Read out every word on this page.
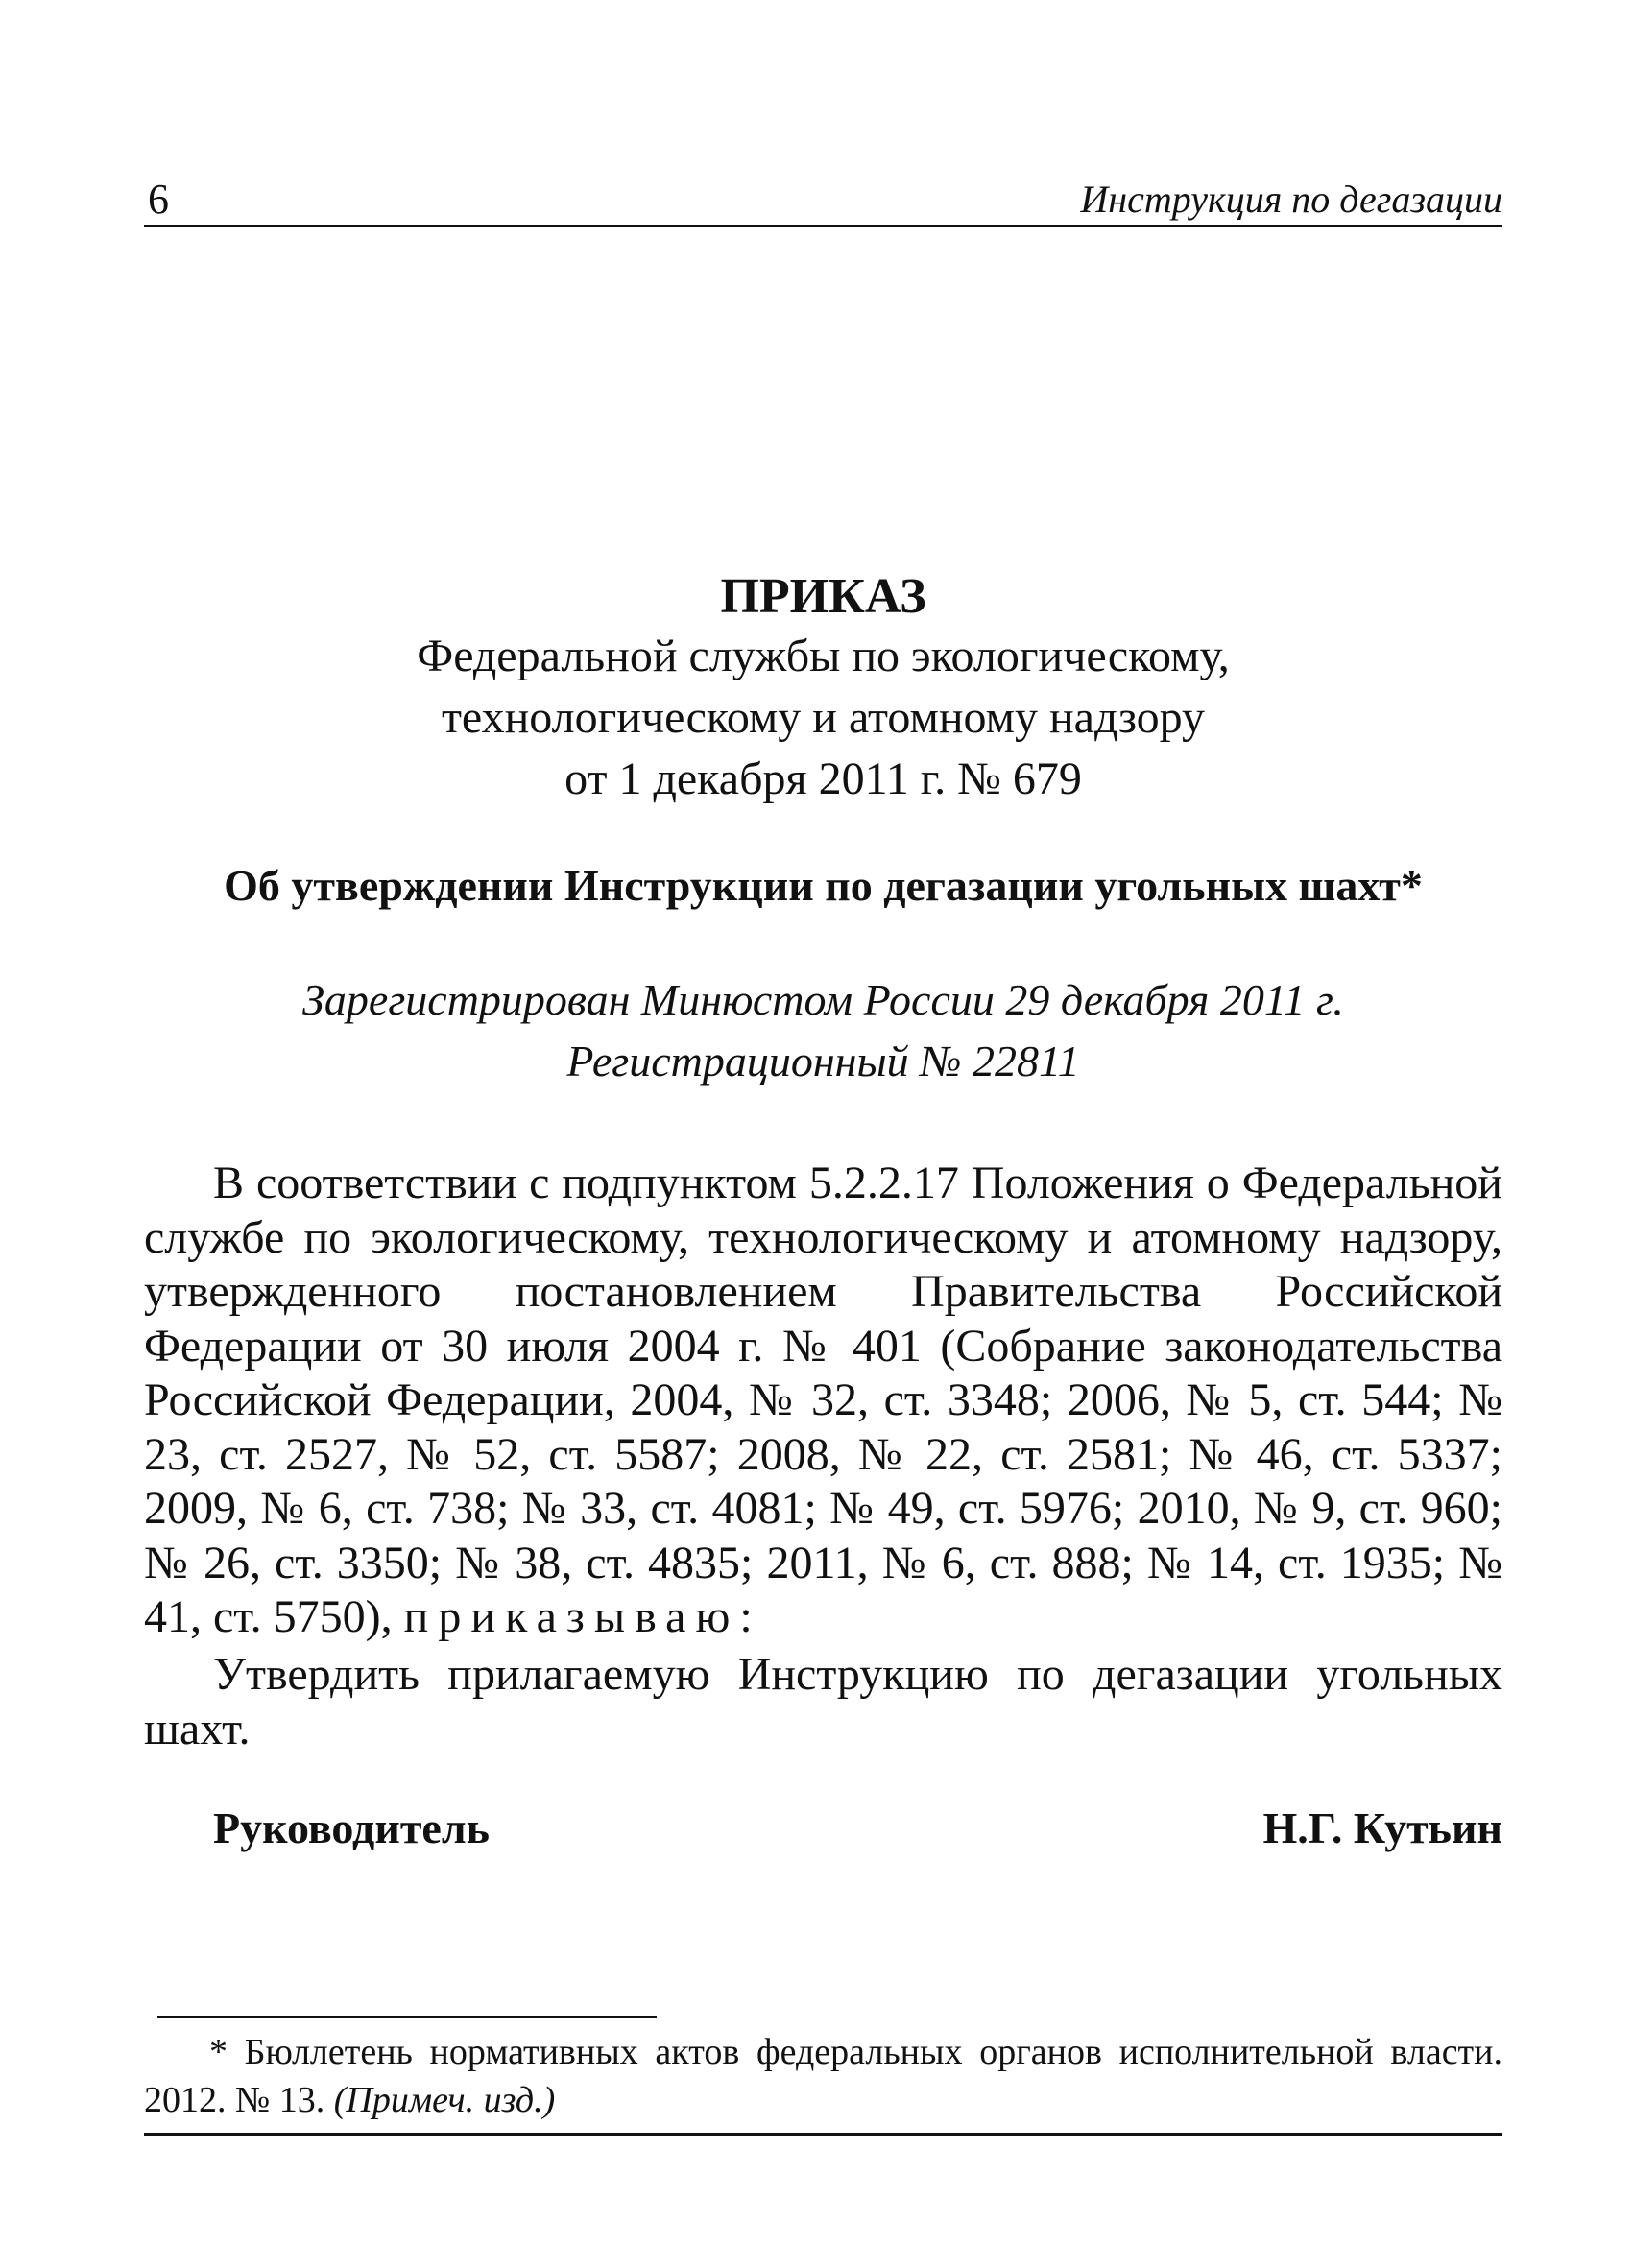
6	Инструкция по дегазации
ПРИКАЗ
Федеральной службы по экологическому,
технологическому и атомному надзору
от 1 декабря 2011 г. № 679
Об утверждении Инструкции по дегазации угольных шахт*
Зарегистрирован Минюстом России 29 декабря 2011 г.
Регистрационный № 22811

В соответствии с подпунктом 5.2.2.17 Положения о Федеральной службе по экологическому, технологическому и атомному надзору, утвержденного постановлением Правительства Российской Федерации от 30 июля 2004 г. № 401 (Собрание законодательства Российской Федерации, 2004, № 32, ст. 3348; 2006, № 5, ст. 544; № 23, ст. 2527, № 52, ст. 5587; 2008, № 22, ст. 2581; № 46, ст. 5337; 2009, № 6, ст. 738; № 33, ст. 4081; № 49, ст. 5976; 2010, № 9, ст. 960; № 26, ст. 3350; № 38, ст. 4835; 2011, № 6, ст. 888; № 14, ст. 1935; № 41, ст. 5750), приказываю:

Утвердить прилагаемую Инструкцию по дегазации угольных шахт.

Руководитель	Н.Г. Кутьин

* Бюллетень нормативных актов федеральных органов исполнительной власти. 2012. № 13. (Примеч. изд.)
